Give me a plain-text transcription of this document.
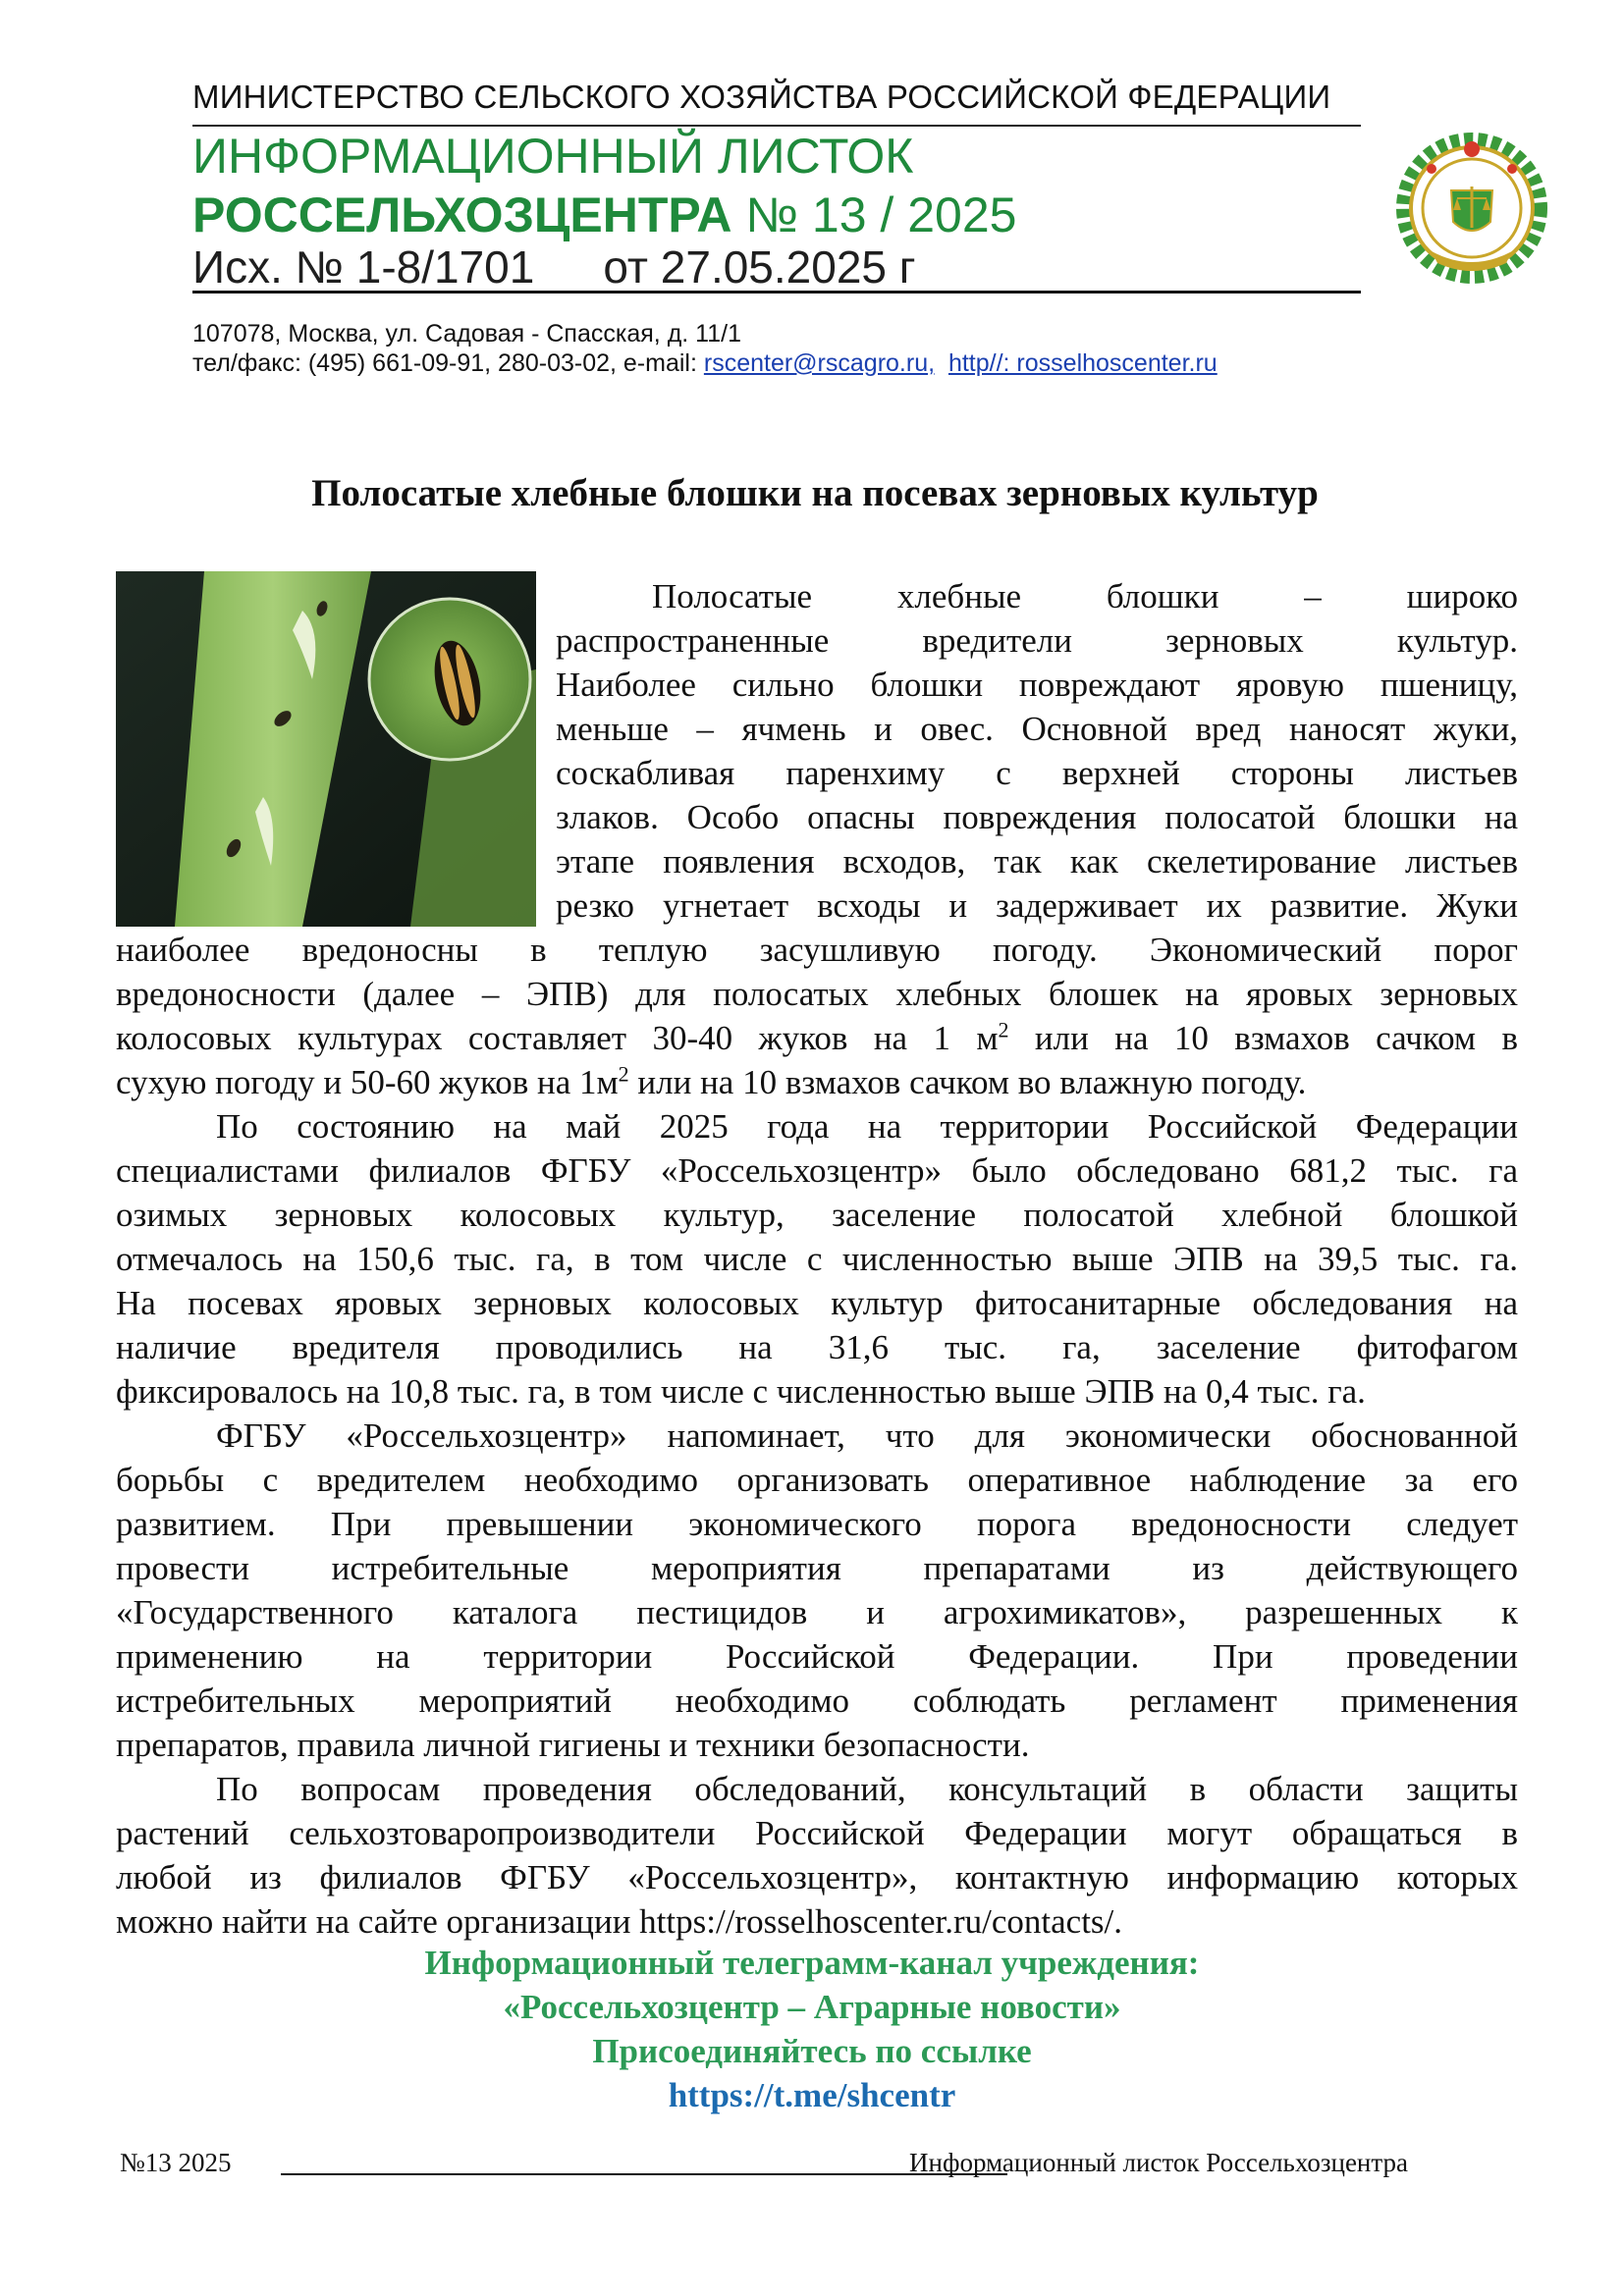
МИНИСТЕРСТВО СЕЛЬСКОГО ХОЗЯЙСТВА РОССИЙСКОЙ ФЕДЕРАЦИИ
ИНФОРМАЦИОННЫЙ ЛИСТОК
РОССЕЛЬХОЗЦЕНТРА № 13 / 2025
Исх. № 1-8/1701 от 27.05.2025 г
107078, Москва, ул. Садовая - Спасская, д. 11/1
тел/факс: (495) 661-09-91, 280-03-02, e-mail: rscenter@rscagro.ru, http//: rosselhoscenter.ru
Полосатые хлебные блошки на посевах зерновых культур
Полосатые хлебные блошки – широко
распространенные вредители зерновых культур.
Наиболее сильно блошки повреждают яровую пшеницу,
меньше – ячмень и овес. Основной вред наносят жуки,
соскабливая паренхиму с верхней стороны листьев
злаков. Особо опасны повреждения полосатой блошки на
этапе появления всходов, так как скелетирование листьев
резко угнетает всходы и задерживает их развитие. Жуки
наиболее вредоносны в теплую засушливую погоду. Экономический порог
вредоносности (далее – ЭПВ) для полосатых хлебных блошек на яровых зерновых
колосовых культурах составляет 30-40 жуков на 1 $м^2$ или на 10 взмахов сачком в
сухую погоду и 50-60 жуков на $1м^2$ или на 10 взмахов сачком во влажную погоду.
По состоянию на май 2025 года на территории Российской Федерации
специалистами филиалов ФГБУ «Россельхозцентр» было обследовано 681,2 тыс. га
озимых зерновых колосовых культур, заселение полосатой хлебной блошкой
отмечалось на 150,6 тыс. га, в том числе с численностью выше ЭПВ на 39,5 тыс. га.
На посевах яровых зерновых колосовых культур фитосанитарные обследования на
наличие вредителя проводились на 31,6 тыс. га, заселение фитофагом
фиксировалось на 10,8 тыс. га, в том числе с численностью выше ЭПВ на 0,4 тыс. га.
ФГБУ «Россельхозцентр» напоминает, что для экономически обоснованной
борьбы с вредителем необходимо организовать оперативное наблюдение за его
развитием. При превышении экономического порога вредоносности следует
провести истребительные мероприятия препаратами из действующего
«Государственного каталога пестицидов и агрохимикатов», разрешенных к
применению на территории Российской Федерации. При проведении
истребительных мероприятий необходимо соблюдать регламент применения
препаратов, правила личной гигиены и техники безопасности.
По вопросам проведения обследований, консультаций в области защиты
растений сельхозтоваропроизводители Российской Федерации могут обращаться в
любой из филиалов ФГБУ «Россельхозцентр», контактную информацию которых
можно найти на сайте организации https://rosselhoscenter.ru/contacts/.
Информационный телеграмм-канал учреждения:
«Россельхозцентр – Аграрные новости»
Присоединяйтесь по ссылке
https://t.me/shcentr
№13 2025	Информационный листок Россельхозцентра
